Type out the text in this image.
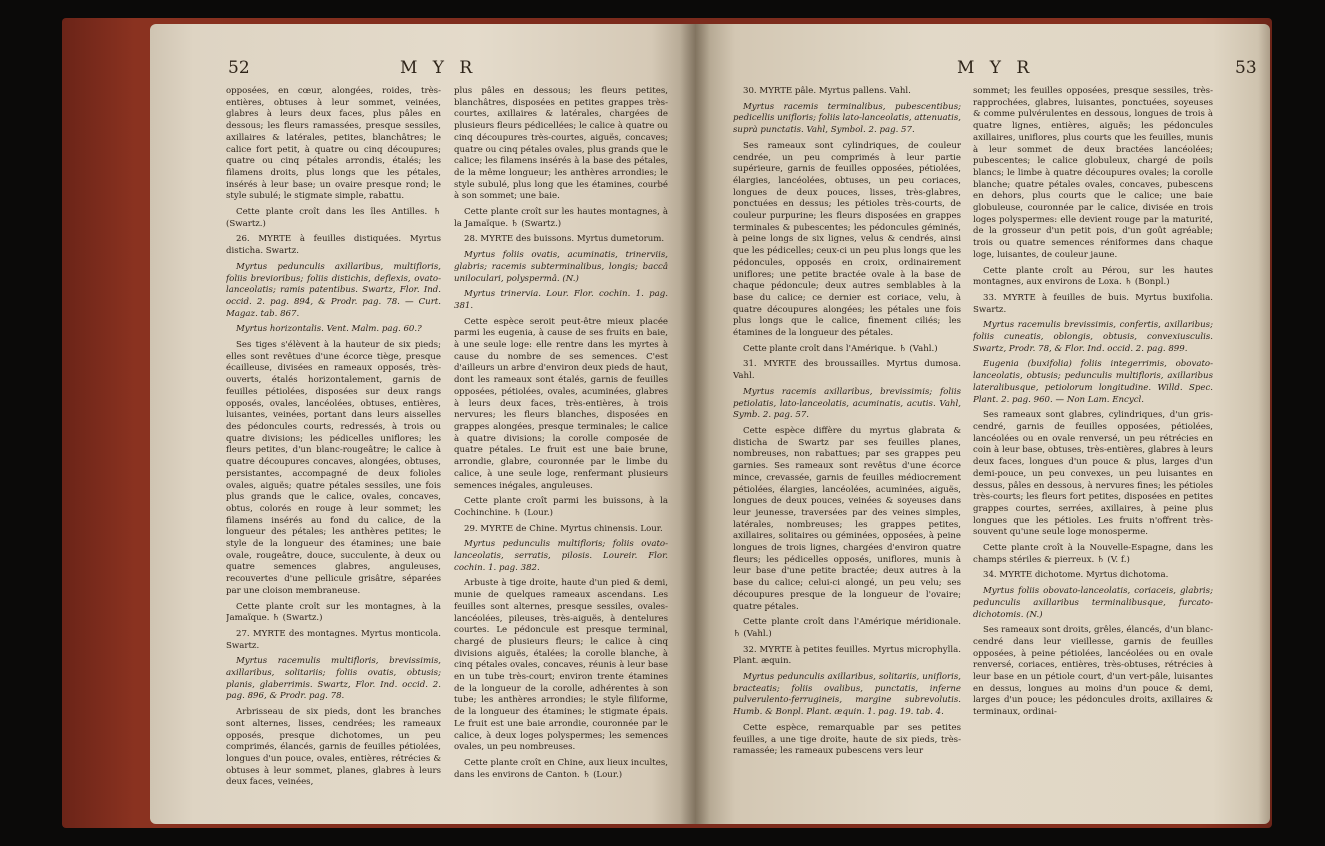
52	M Y R

opposées, en cœur, alongées, roides, très-entières, obtuses à leur sommet, veinées, glabres à leurs deux faces, plus pâles en dessous; les fleurs ramassées, presque sessiles, axillaires & latérales, petites, blanchâtres; le calice fort petit, à quatre ou cinq découpures; quatre ou cinq pétales arrondis, étalés; les filamens droits, plus longs que les pétales, insérés à leur base; un ovaire presque rond; le style subulé; le stigmate simple, rabattu.

Cette plante croît dans les îles Antilles. ♄ (Swartz.)

26. MYRTE à feuilles distiquées. Myrtus disticha. Swartz.

Myrtus pedunculis axillaribus, multifloris, foliis brevioribus; foliis distichis, deflexis, ovato-lanceolatis; ramis patentibus. Swartz, Flor. Ind. occid. 2. pag. 894, & Prodr. pag. 78. — Curt. Magaz. tab. 867.

Myrtus horizontalis. Vent. Malm. pag. 60.?

Ses tiges s'élèvent à la hauteur de six pieds; elles sont revêtues d'une écorce tiège, presque écailleuse, divisées en rameaux opposés, très-ouverts, étalés horizontalement, garnis de feuilles pétiolées, disposées sur deux rangs opposés, ovales, lancéolées, obtuses, entières, luisantes, veinées, portant dans leurs aisselles des pédoncules courts, redressés, à trois ou quatre divisions; les pédicelles uniflores; les fleurs petites, d'un blanc-rougeâtre; le calice à quatre découpures concaves, alongées, obtuses, persistantes, accompagné de deux folioles ovales, aiguës; quatre pétales sessiles, une fois plus grands que le calice, ovales, concaves, obtus, colorés en rouge à leur sommet; les filamens insérés au fond du calice, de la longueur des pétales; les anthères petites; le style de la longueur des étamines; une baie ovale, rougeâtre, douce, succulente, à deux ou quatre semences glabres, anguleuses, recouvertes d'une pellicule grisâtre, séparées par une cloison membraneuse.

Cette plante croît sur les montagnes, à la Jamaïque. ♄ (Swartz.)

27. MYRTE des montagnes. Myrtus monticola. Swartz.

Myrtus racemulis multifloris, brevissimis, axillaribus, solitariis; foliis ovatis, obtusis; planis, glaberrimis. Swartz, Flor. Ind. occid. 2. pag. 896, & Prodr. pag. 78.

Arbrisseau de six pieds, dont les branches sont alternes, lisses, cendrées; les rameaux opposés, presque dichotomes, un peu comprimés, élancés, garnis de feuilles pétiolées, longues d'un pouce, ovales, entières, rétrécies & obtuses à leur sommet, planes, glabres à leurs deux faces, veinées,

plus pâles en dessous; les fleurs petites, blanchâtres, disposées en petites grappes très-courtes, axillaires & latérales, chargées de plusieurs fleurs pédicellées; le calice à quatre ou cinq découpures très-courtes, aiguës, concaves; quatre ou cinq pétales ovales, plus grands que le calice; les filamens insérés à la base des pétales, de la même longueur; les anthères arrondies; le style subulé, plus long que les étamines, courbé à son sommet; une baie.

Cette plante croît sur les hautes montagnes, à la Jamaïque. ♄ (Swartz.)

28. MYRTE des buissons. Myrtus dumetorum.

Myrtus foliis ovatis, acuminatis, trinerviis, glabris; racemis subterminalibus, longis; baccâ uniloculari, polyspermâ. (N.)

Myrtus trinervia. Lour. Flor. cochin. 1. pag. 381.

Cette espèce seroit peut-être mieux placée parmi les eugenia, à cause de ses fruits en baie, à une seule loge: elle rentre dans les myrtes à cause du nombre de ses semences. C'est d'ailleurs un arbre d'environ deux pieds de haut, dont les rameaux sont étalés, garnis de feuilles opposées, pétiolées, ovales, acuminées, glabres à leurs deux faces, très-entières, à trois nervures; les fleurs blanches, disposées en grappes alongées, presque terminales; le calice à quatre divisions; la corolle composée de quatre pétales. Le fruit est une baie brune, arrondie, glabre, couronnée par le limbe du calice, à une seule loge, renfermant plusieurs semences inégales, anguleuses.

Cette plante croît parmi les buissons, à la Cochinchine. ♄ (Lour.)

29. MYRTE de Chine. Myrtus chinensis. Lour.

Myrtus pedunculis multifloris; foliis ovato-lanceolatis, serratis, pilosis. Loureir. Flor. cochin. 1. pag. 382.

Arbuste à tige droite, haute d'un pied & demi, munie de quelques rameaux ascendans. Les feuilles sont alternes, presque sessiles, ovales-lancéolées, pileuses, très-aiguës, à dentelures courtes. Le pédoncule est presque terminal, chargé de plusieurs fleurs; le calice à cinq divisions aiguës, étalées; la corolle blanche, à cinq pétales ovales, concaves, réunis à leur base en un tube très-court; environ trente étamines de la longueur de la corolle, adhérentes à son tube; les anthères arrondies; le style filiforme, de la longueur des étamines; le stigmate épais. Le fruit est une baie arrondie, couronnée par le calice, à deux loges polyspermes; les semences ovales, un peu nombreuses.

Cette plante croît en Chine, aux lieux incultes, dans les environs de Canton. ♄ (Lour.)

M Y R	53

30. MYRTE pâle. Myrtus pallens. Vahl.

Myrtus racemis terminalibus, pubescentibus; pedicellis unifloris; foliis lato-lanceolatis, attenuatis, suprà punctatis. Vahl, Symbol. 2. pag. 57.

Ses rameaux sont cylindriques, de couleur cendrée, un peu comprimés à leur partie supérieure, garnis de feuilles opposées, pétiolées, élargies, lancéolées, obtuses, un peu coriaces, longues de deux pouces, lisses, très-glabres, ponctuées en dessus; les pétioles très-courts, de couleur purpurine; les fleurs disposées en grappes terminales & pubescentes; les pédoncules géminés, à peine longs de six lignes, velus & cendrés, ainsi que les pédicelles; ceux-ci un peu plus longs que les pédoncules, opposés en croix, ordinairement uniflores; une petite bractée ovale à la base de chaque pédoncule; deux autres semblables à la base du calice; ce dernier est coriace, velu, à quatre découpures alongées; les pétales une fois plus longs que le calice, finement ciliés; les étamines de la longueur des pétales.

Cette plante croît dans l'Amérique. ♄ (Vahl.)

31. MYRTE des broussailles. Myrtus dumosa. Vahl.

Myrtus racemis axillaribus, brevissimis; foliis petiolatis, lato-lanceolatis, acuminatis, acutis. Vahl, Symb. 2. pag. 57.

Cette espèce diffère du myrtus glabrata & disticha de Swartz par ses feuilles planes, nombreuses, non rabattues; par ses grappes peu garnies. Ses rameaux sont revêtus d'une écorce mince, crevassée, garnis de feuilles médiocrement pétiolées, élargies, lancéolées, acuminées, aiguës, longues de deux pouces, veinées & soyeuses dans leur jeunesse, traversées par des veines simples, latérales, nombreuses; les grappes petites, axillaires, solitaires ou géminées, opposées, à peine longues de trois lignes, chargées d'environ quatre fleurs; les pédicelles opposés, uniflores, munis à leur base d'une petite bractée; deux autres à la base du calice; celui-ci alongé, un peu velu; ses découpures presque de la longueur de l'ovaire; quatre pétales.

Cette plante croît dans l'Amérique méridionale. ♄ (Vahl.)

32. MYRTE à petites feuilles. Myrtus microphylla. Plant. æquin.

Myrtus pedunculis axillaribus, solitariis, unifloris, bracteatis; foliis ovalibus, punctatis, inferne pulverulento-ferrugineis, margine subrevolutis. Humb. & Bonpl. Plant. æquin. 1. pag. 19. tab. 4.

Cette espèce, remarquable par ses petites feuilles, a une tige droite, haute de six pieds, très-ramassée; les rameaux pubescens vers leur

sommet; les feuilles opposées, presque sessiles, très-rapprochées, glabres, luisantes, ponctuées, soyeuses & comme pulvérulentes en dessous, longues de trois à quatre lignes, entières, aiguës; les pédoncules axillaires, uniflores, plus courts que les feuilles, munis à leur sommet de deux bractées lancéolées; pubescentes; le calice globuleux, chargé de poils blancs; le limbe à quatre découpures ovales; la corolle blanche; quatre pétales ovales, concaves, pubescens en dehors, plus courts que le calice; une baie globuleuse, couronnée par le calice, divisée en trois loges polyspermes: elle devient rouge par la maturité, de la grosseur d'un petit pois, d'un goût agréable; trois ou quatre semences réniformes dans chaque loge, luisantes, de couleur jaune.

Cette plante croît au Pérou, sur les hautes montagnes, aux environs de Loxa. ♄ (Bonpl.)

33. MYRTE à feuilles de buis. Myrtus buxifolia. Swartz.

Myrtus racemulis brevissimis, confertis, axillaribus; foliis cuneatis, oblongis, obtusis, convexiusculis. Swartz, Prodr. 78, & Flor. Ind. occid. 2. pag. 899.

Eugenia (buxifolia) foliis integerrimis, obovato-lanceolatis, obtusis; pedunculis multifloris, axillaribus lateralibusque, petiolorum longitudine. Willd. Spec. Plant. 2. pag. 960. — Non Lam. Encycl.

Ses rameaux sont glabres, cylindriques, d'un gris-cendré, garnis de feuilles opposées, pétiolées, lancéolées ou en ovale renversé, un peu rétrécies en coin à leur base, obtuses, très-entières, glabres à leurs deux faces, longues d'un pouce & plus, larges d'un demi-pouce, un peu convexes, un peu luisantes en dessus, pâles en dessous, à nervures fines; les pétioles très-courts; les fleurs fort petites, disposées en petites grappes courtes, serrées, axillaires, à peine plus longues que les pétioles. Les fruits n'offrent très-souvent qu'une seule loge monosperme.

Cette plante croît à la Nouvelle-Espagne, dans les champs stériles & pierreux. ♄ (V. f.)

34. MYRTE dichotome. Myrtus dichotoma.

Myrtus foliis obovato-lanceolatis, coriaceis, glabris; pedunculis axillaribus terminalibusque, furcato-dichotomis. (N.)

Ses rameaux sont droits, grêles, élancés, d'un blanc-cendré dans leur vieillesse, garnis de feuilles opposées, à peine pétiolées, lancéolées ou en ovale renversé, coriaces, entières, très-obtuses, rétrécies à leur base en un pétiole court, d'un vert-pâle, luisantes en dessus, longues au moins d'un pouce & demi, larges d'un pouce; les pédoncules droits, axillaires & terminaux, ordinai-
